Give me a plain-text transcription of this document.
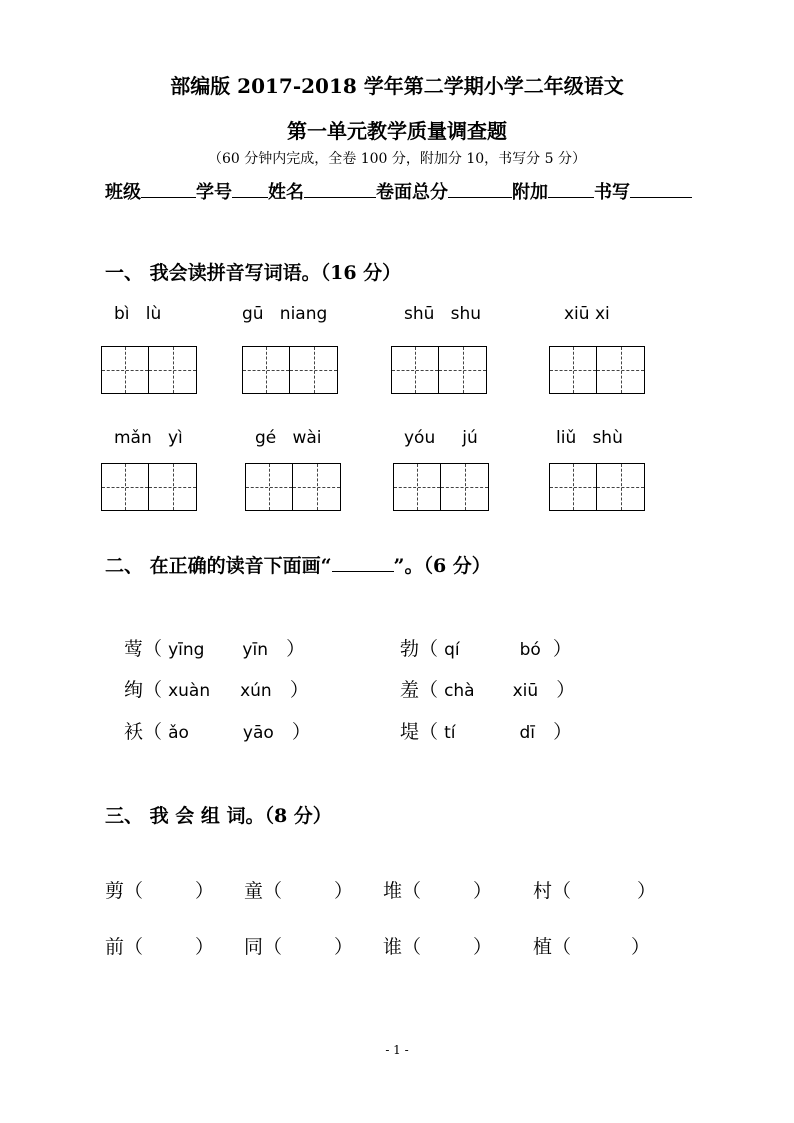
部编版 2017-2018 学年第二学期小学二年级语文
第一单元教学质量调查题
（60 分钟内完成，全卷 100 分，附加分 10，书写分 5 分）
班级	学号 姓名	卷面总分	附加	书写
一、 我会读拼音写词语。（16 分）
bì lù	gū niang	shū shu	xiū xi
mǎn yì	gé wài	yóu jú	liǔ shù
二、 在正确的读音下面画“	”。（6 分）
莺（ yīng yīn   ）	勃（ qí	bó  ）
绚（ xuàn xún   ）	羞（ chà xiū   ）
袄（ ǎo	yāo   ）	堤（ tí	dī   ）
三、 我 会 组 词。（8 分）
剪（	） 童（	） 堆（	） 村（	）
前（	） 同（	） 谁（	） 植（	）
- 1 -
